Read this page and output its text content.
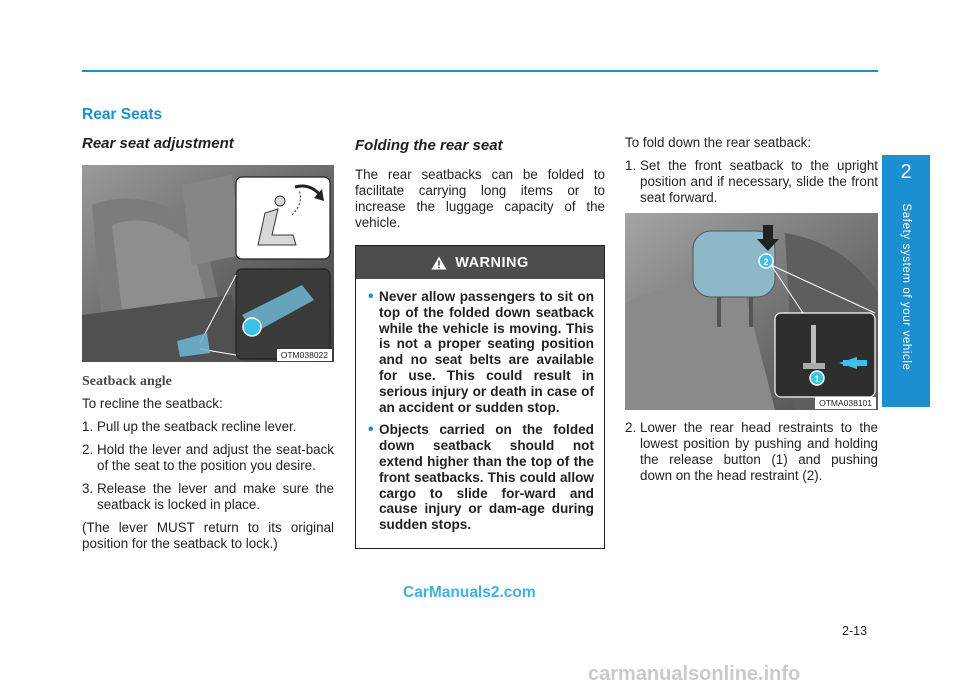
Rear Seats
Rear seat adjustment
OTM038022
Seatback angle

To recline the seatback:

1. Pull up the seatback recline lever.
2. Hold the lever and adjust the seat-back of the seat to the position you desire.
3. Release the lever and make sure the seatback is locked in place.

(The lever MUST return to its original position for the seatback to lock.)

Folding the rear seat

The rear seatbacks can be folded to facilitate carrying long items or to increase the luggage capacity of the vehicle.

WARNING
• Never allow passengers to sit on top of the folded down seatback while the vehicle is moving. This is not a proper seating position and no seat belts are available for use. This could result in serious injury or death in case of an accident or sudden stop.
• Objects carried on the folded down seatback should not extend higher than the top of the front seatbacks. This could allow cargo to slide for-ward and cause injury or dam-age during sudden stops.

To fold down the rear seatback:

1. Set the front seatback to the upright position and if necessary, slide the front seat forward.
2
1
OTMA038101
2. Lower the rear head restraints to the lowest position by pushing and holding the release button (1) and pushing down on the head restraint (2).
2
Safety system of your vehicle
2-13
CarManuals2.com
carmanualsonline.info
